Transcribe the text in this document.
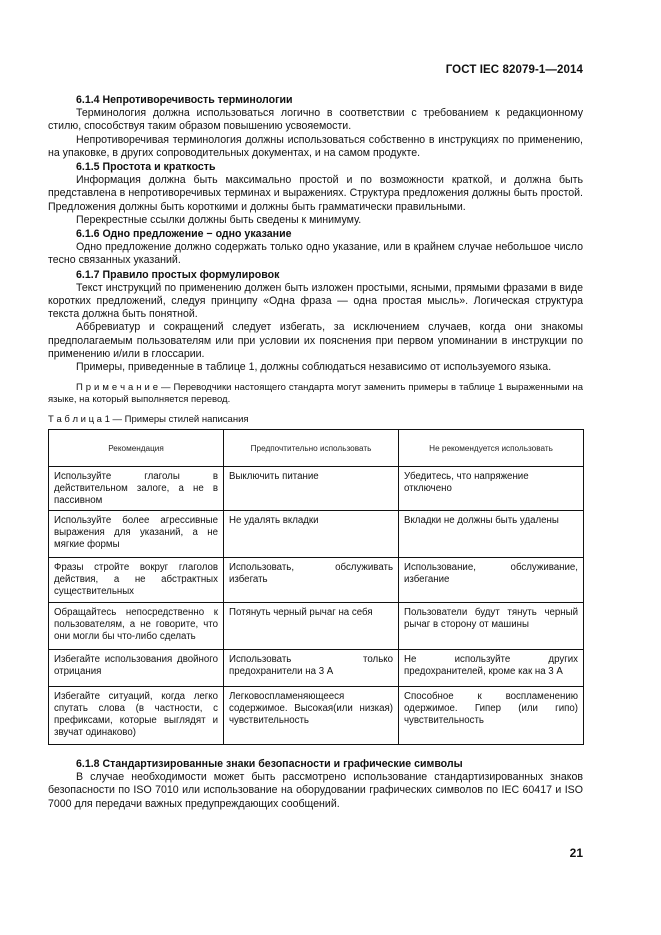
ГОСТ IEC 82079-1—2014
6.1.4 Непротиворечивость терминологии
Терминология должна использоваться логично в соответствии с требованием к редакционному стилю, способствуя таким образом повышению усвояемости.
Непротиворечивая терминология должны использоваться собственно в инструкциях по применению, на упаковке, в других сопроводительных документах, и на самом продукте.
6.1.5 Простота и краткость
Информация должна быть максимально простой и по возможности краткой, и должна быть представлена в непротиворечивых терминах и выражениях. Структура предложения должны быть простой. Предложения должны быть короткими и должны быть грамматически правильными.
Перекрестные ссылки должны быть сведены к минимуму.
6.1.6 Одно предложение − одно указание
Одно предложение должно содержать только одно указание, или в крайнем случае небольшое число тесно связанных указаний.
6.1.7 Правило простых формулировок
Текст инструкций по применению должен быть изложен простыми, ясными, прямыми фразами в виде коротких предложений, следуя принципу «Одна фраза — одна простая мысль». Логическая структура текста должна быть понятной.
Аббревиатур и сокращений следует избегать, за исключением случаев, когда они знакомы предполагаемым пользователям или при условии их пояснения при первом упоминании в инструкции по применению и/или в глоссарии.
Примеры, приведенные в таблице 1, должны соблюдаться независимо от используемого языка.
П р и м е ч а н и е — Переводчики настоящего стандарта могут заменить примеры в таблице 1 выраженными на языке, на который выполняется перевод.
Т а б л и ц а 1 — Примеры стилей написания
Рекомендация	Предпочтительно использовать	Не рекомендуется использовать
Используйте глаголы в действительном залоге, а не в пассивном	Выключить питание	Убедитесь, что напряжение отключено
Используйте более агрессивные выражения для указаний, а не мягкие формы	Не удалять вкладки	Вкладки не должны быть удалены
Фразы стройте вокруг глаголов действия, а не абстрактных существительных	Использовать, обслуживать избегать	Использование, обслуживание, избегание
Обращайтесь непосредственно к пользователям, а не говорите, что они могли бы что-либо сделать	Потянуть черный рычаг на себя	Пользователи будут тянуть черный рычаг в сторону от машины
Избегайте использования двойного отрицания	Использовать только предохранители на 3 А	Не используйте других предохранителей, кроме как на 3 А
Избегайте ситуаций, когда легко спутать слова (в частности, с префиксами, которые выглядят и звучат одинаково)	Легковоспламеняющееся содержимое. Высокая(или низкая) чувствительность	Способное к воспламенению одержимое. Гипер (или гипо) чувствительность
6.1.8 Стандартизированные знаки безопасности и графические символы
В случае необходимости может быть рассмотрено использование стандартизированных знаков безопасности по ISO 7010 или использование на оборудовании графических символов по IEC 60417 и ISO 7000 для передачи важных предупреждающих сообщений.
21
